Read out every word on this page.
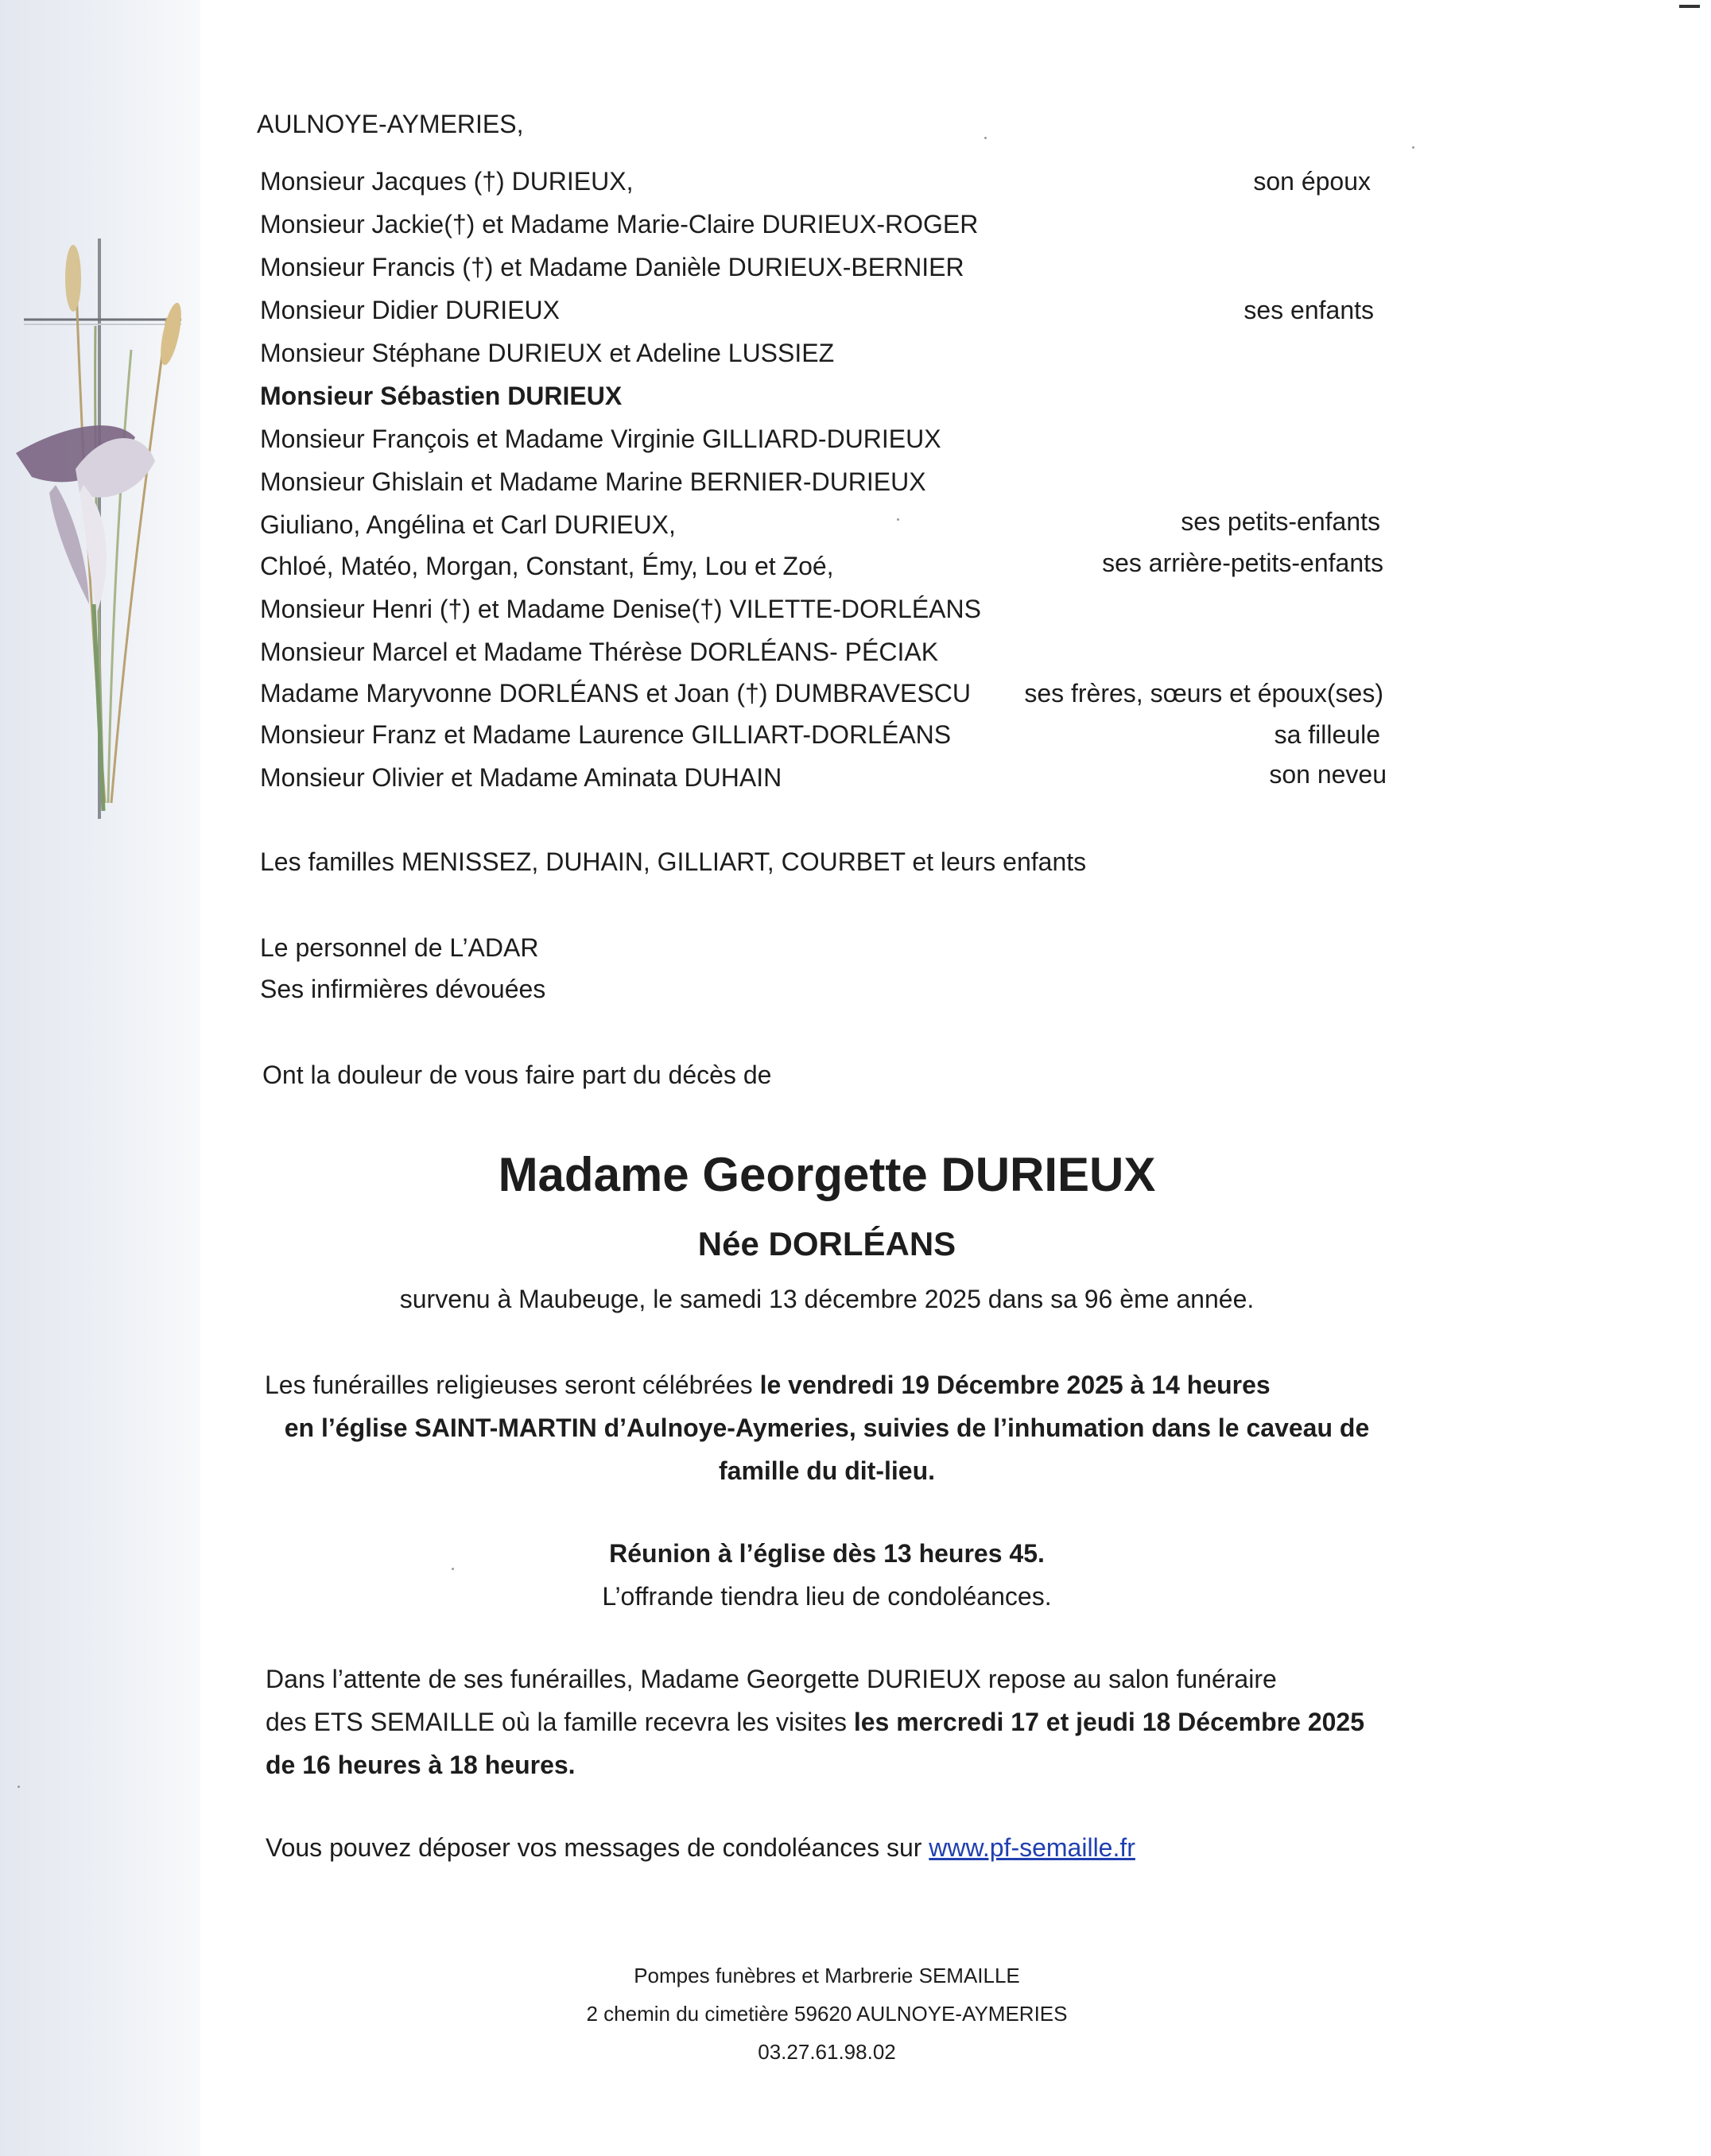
AULNOYE-AYMERIES,
Monsieur Jacques (†) DURIEUX,	son époux
Monsieur Jackie(†) et Madame Marie-Claire DURIEUX-ROGER
Monsieur Francis (†) et Madame Danièle DURIEUX-BERNIER
Monsieur Didier DURIEUX	ses enfants
Monsieur Stéphane DURIEUX et Adeline LUSSIEZ
Monsieur Sébastien DURIEUX
Monsieur François et Madame Virginie GILLIARD-DURIEUX
Monsieur Ghislain et Madame Marine BERNIER-DURIEUX
Giuliano, Angélina et Carl DURIEUX,	ses petits-enfants
Chloé, Matéo, Morgan, Constant, Émy, Lou et Zoé,	ses arrière-petits-enfants
Monsieur Henri (†) et Madame Denise(†) VILETTE-DORLÉANS
Monsieur Marcel et Madame Thérèse DORLÉANS- PÉCIAK
Madame Maryvonne DORLÉANS et Joan (†) DUMBRAVESCU	ses frères, sœurs et époux(ses)
Monsieur Franz et Madame Laurence GILLIART-DORLÉANS	sa filleule
Monsieur Olivier et Madame Aminata DUHAIN	son neveu
Les familles MENISSEZ, DUHAIN, GILLIART, COURBET et leurs enfants
Le personnel de L’ADAR
Ses infirmières dévouées
Ont la douleur de vous faire part du décès de
Madame Georgette DURIEUX
Née DORLÉANS
survenu à Maubeuge, le samedi 13 décembre 2025 dans sa 96 ème année.
Les funérailles religieuses seront célébrées le vendredi 19 Décembre 2025 à 14 heures
en l’église SAINT-MARTIN d’Aulnoye-Aymeries, suivies de l’inhumation dans le caveau de
famille du dit-lieu.
Réunion à l’église dès 13 heures 45.
L’offrande tiendra lieu de condoléances.
Dans l’attente de ses funérailles, Madame Georgette DURIEUX repose au salon funéraire
des ETS SEMAILLE où la famille recevra les visites les mercredi 17 et jeudi 18 Décembre 2025
de 16 heures à 18 heures.
Vous pouvez déposer vos messages de condoléances sur www.pf-semaille.fr
Pompes funèbres et Marbrerie SEMAILLE
2 chemin du cimetière 59620 AULNOYE-AYMERIES
03.27.61.98.02
